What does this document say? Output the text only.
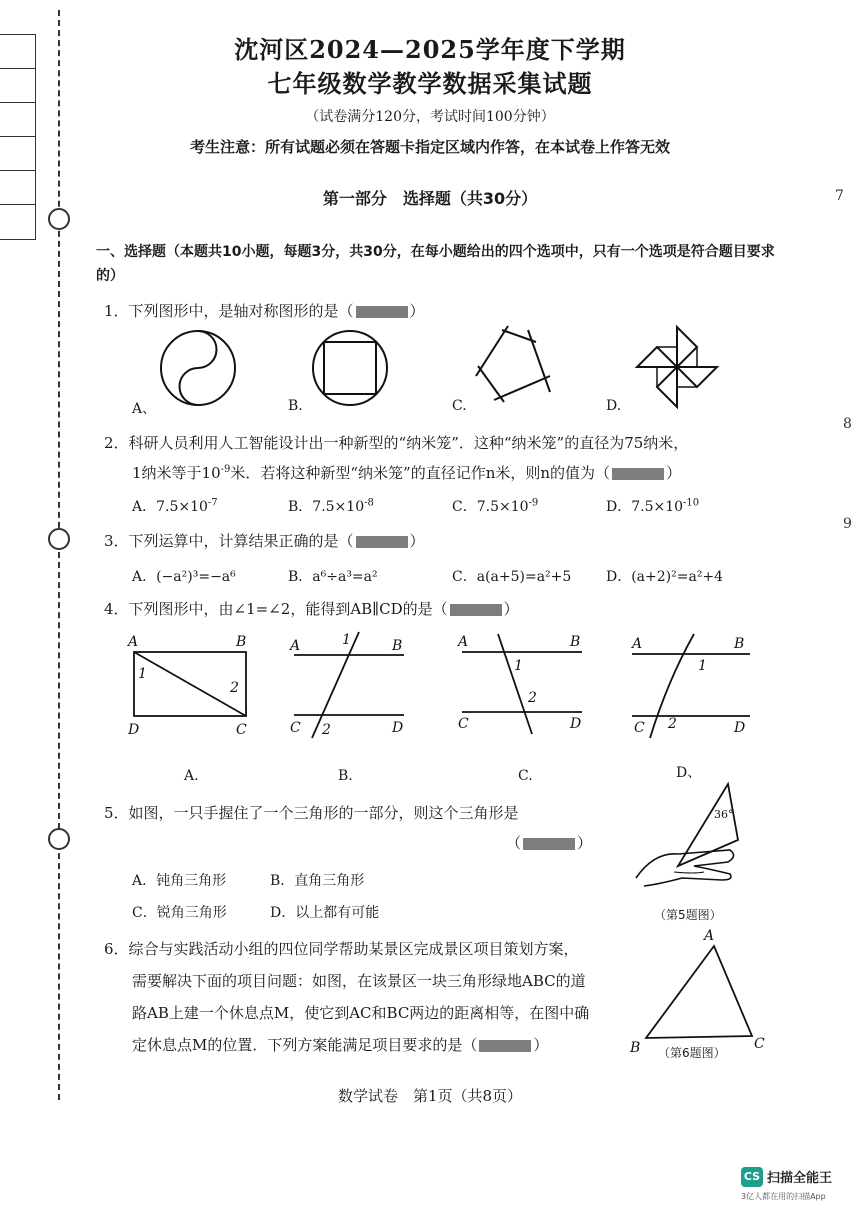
7
8
9
沈河区2024—2025学年度下学期
七年级数学教学数据采集试题
（试卷满分120分，考试时间100分钟）
考生注意：所有试题必须在答题卡指定区域内作答，在本试卷上作答无效
第一部分　选择题（共30分）
一、选择题（本题共10小题，每题3分，共30分，在每小题给出的四个选项中，只有一个选项是符合题目要求的）
1．下列图形中，是轴对称图形的是（	）
A、	B.	C.	D.
2．科研人员利用人工智能设计出一种新型的“纳米笼”．这种“纳米笼”的直径为75纳米，
1纳米等于$10^{-9}$米．若将这种新型“纳米笼”的直径记作n米，则n的值为（	）
A．$7.5\times 10^{-7}$	B．$7.5\times 10^{-8}$	C．$7.5\times 10^{-9}$	D．$7.5\times 10^{-10}$
3．下列运算中，计算结果正确的是（	）
A．(−a²)³=−a⁶	B．a⁶÷a³=a²	C．a(a+5)=a²+5 D．(a+2)²=a²+4
4．下列图形中，由∠1=∠2，能得到AB∥CD的是（	）
A	B
D	C
1
2
A	B
C	D
1
2
A	B
C	D
1
2
A	B
C	D
1
2
A.	B.	C.	D、
5．如图，一只手握住了一个三角形的一部分，则这个三角形是
（	）
A．钝角三角形	B．直角三角形
C．锐角三角形	D．以上都有可能
36°
（第5题图）
6．综合与实践活动小组的四位同学帮助某景区完成景区项目策划方案，
需要解决下面的项目问题：如图，在该景区一块三角形绿地ABC的道
路AB上建一个休息点M，使它到AC和BC两边的距离相等，在图中确
定休息点M的位置．下列方案能满足项目要求的是（	）
A
B	C
（第6题图）
数学试卷　第1页（共8页）
CS 扫描全能王
3亿人都在用的扫描App
